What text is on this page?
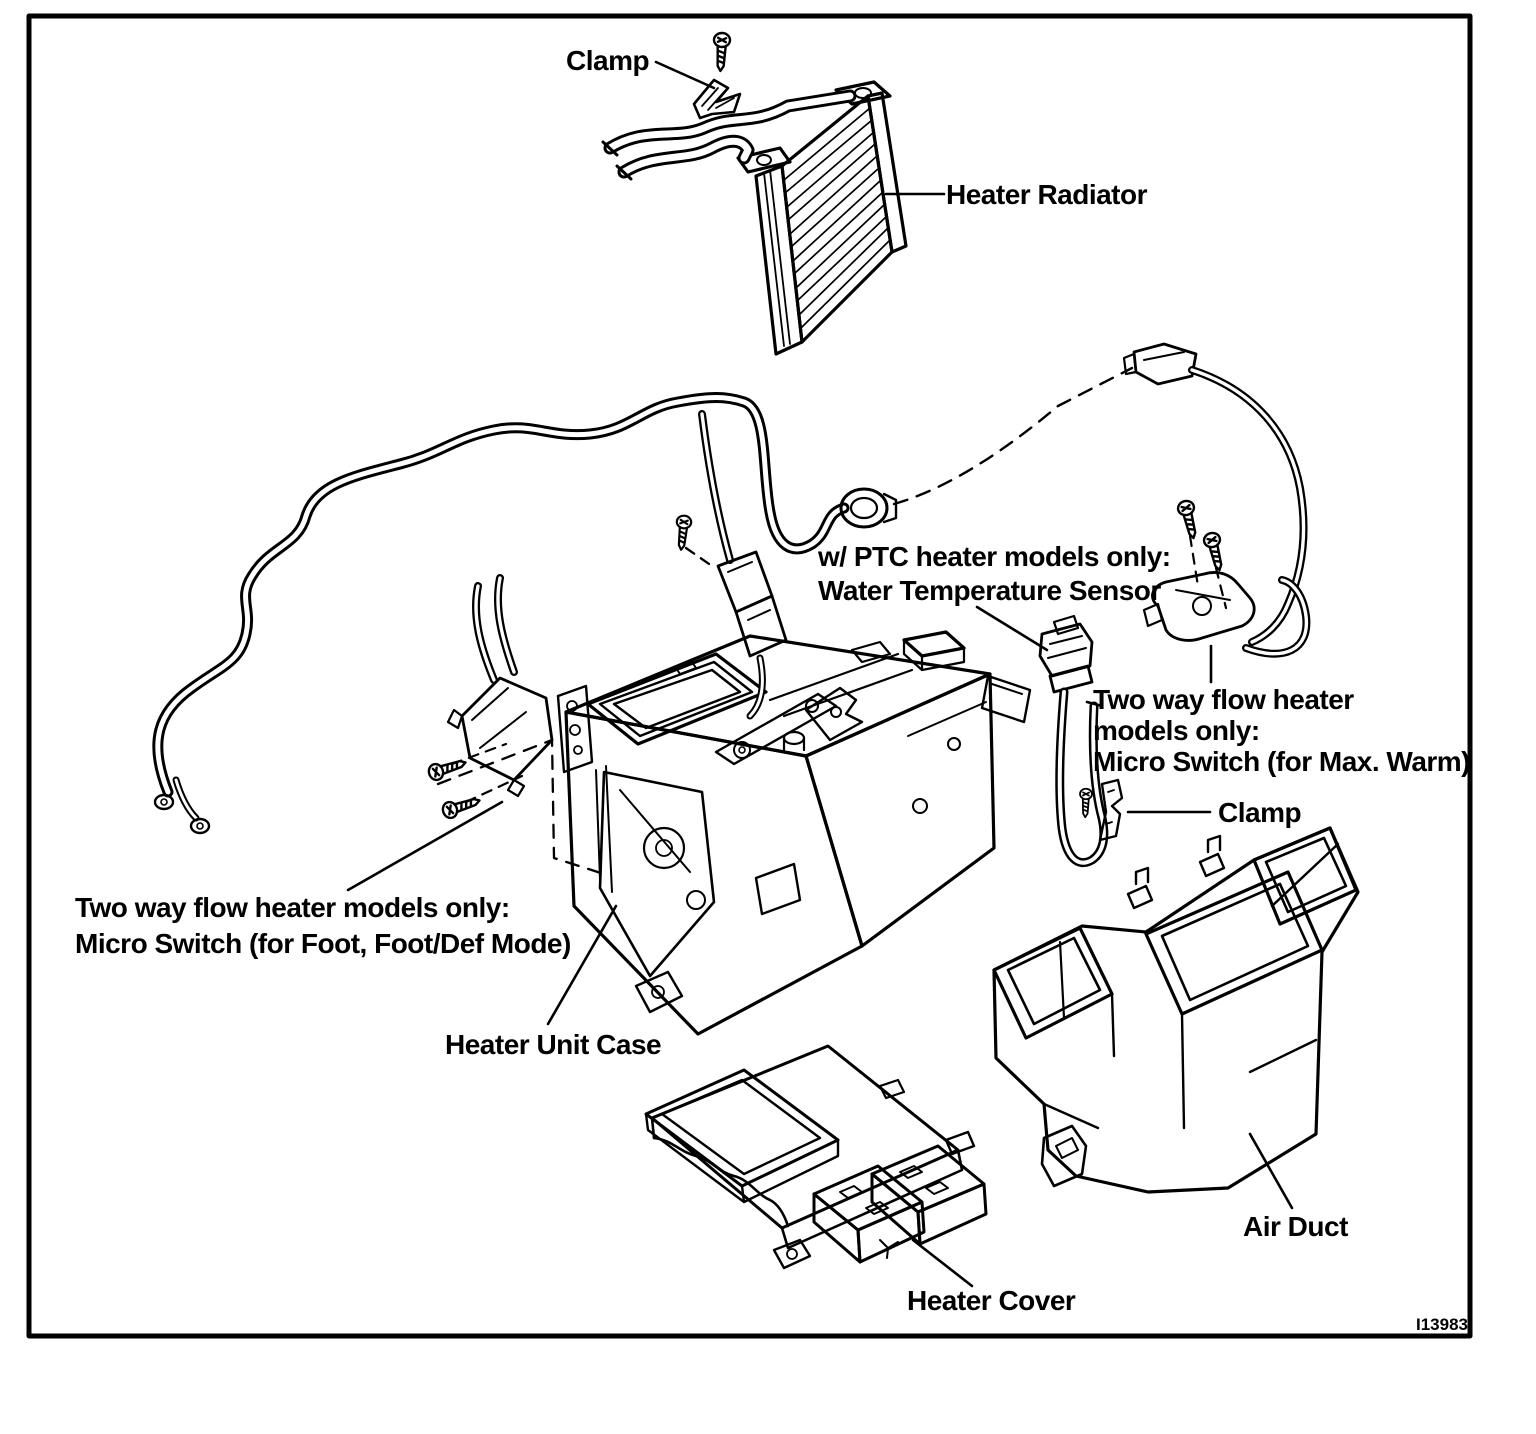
Clamp
Heater Radiator
w/ PTC heater models only:
Water Temperature Sensor
Two way flow heater
models only:
Micro Switch (for Max. Warm)
Clamp
Two way flow heater models only:
Micro Switch (for Foot, Foot/Def Mode)
Heater Unit Case
Heater Cover
Air Duct
I13983
